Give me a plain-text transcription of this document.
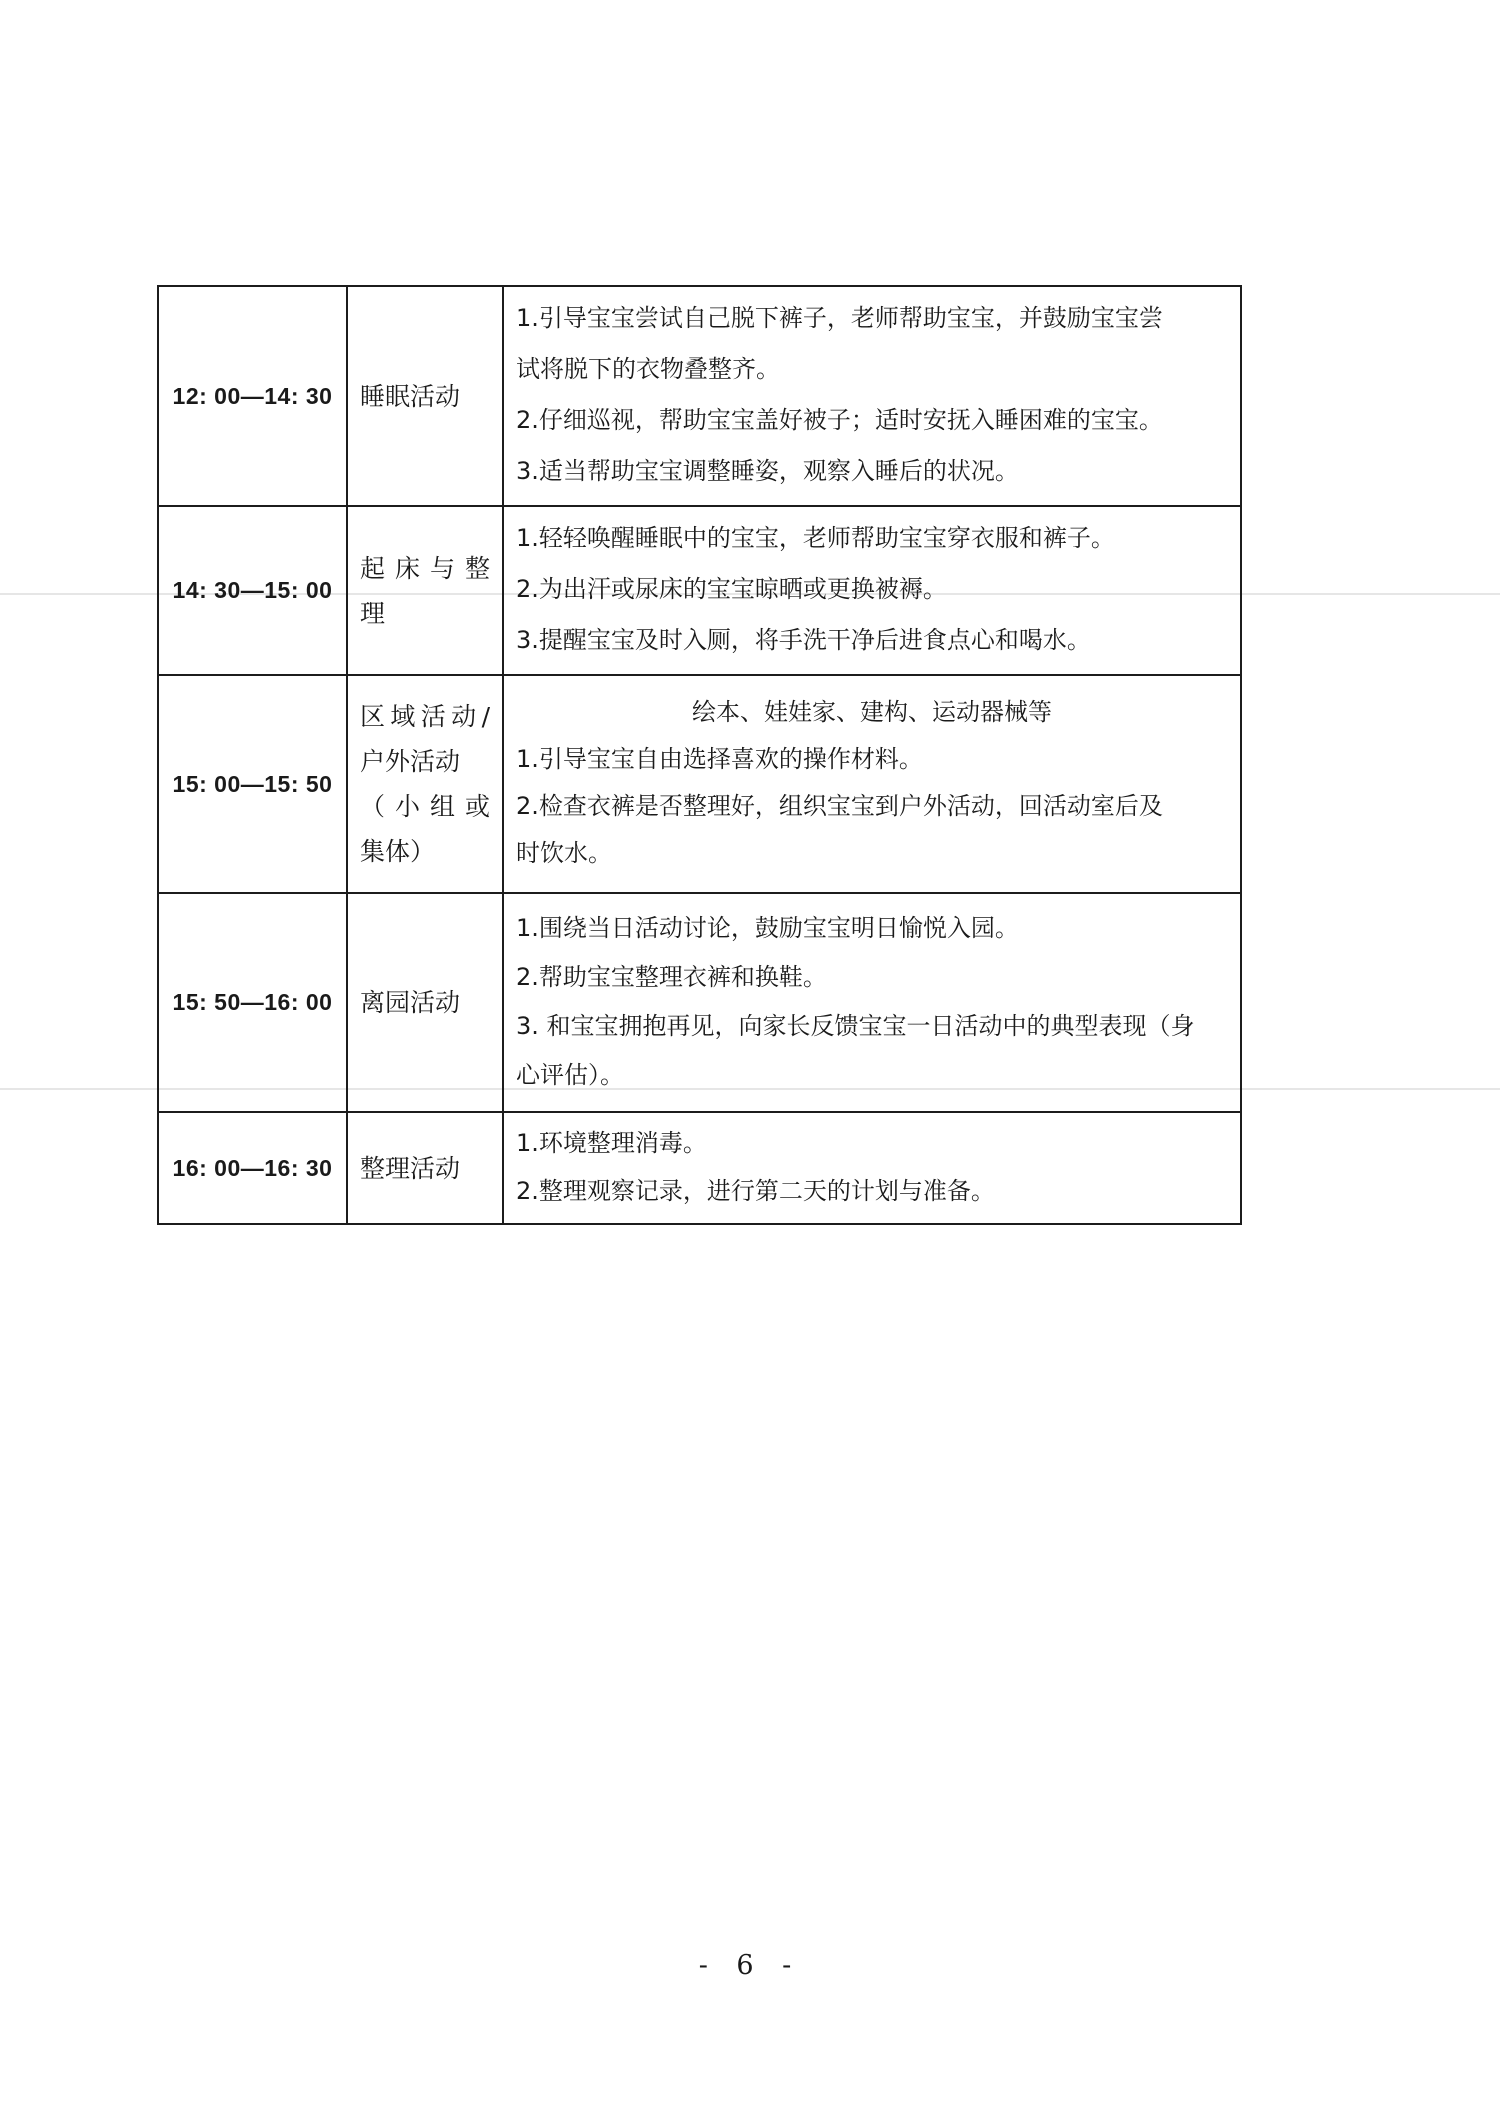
12: 00—14: 30	睡眠活动	1.引导宝宝尝试自己脱下裤子，老师帮助宝宝，并鼓励宝宝尝
试将脱下的衣物叠整齐。
2.仔细巡视，帮助宝宝盖好被子；适时安抚入睡困难的宝宝。
3.适当帮助宝宝调整睡姿，观察入睡后的状况。

14: 30—15: 00	起床与整
理	1.轻轻唤醒睡眠中的宝宝，老师帮助宝宝穿衣服和裤子。
2.为出汗或尿床的宝宝晾晒或更换被褥。
3.提醒宝宝及时入厕，将手洗干净后进食点心和喝水。

15: 00—15: 50	区域活动/
户外活动
（小组或
集体）	绘本、娃娃家、建构、运动器械等
1.引导宝宝自由选择喜欢的操作材料。
2.检查衣裤是否整理好，组织宝宝到户外活动，回活动室后及
时饮水。

15: 50—16: 00	离园活动	1.围绕当日活动讨论，鼓励宝宝明日愉悦入园。
2.帮助宝宝整理衣裤和换鞋。
3. 和宝宝拥抱再见，向家长反馈宝宝一日活动中的典型表现（身
心评估）。

16: 00—16: 30	整理活动	1.环境整理消毒。
2.整理观察记录，进行第二天的计划与准备。
- 6 -
